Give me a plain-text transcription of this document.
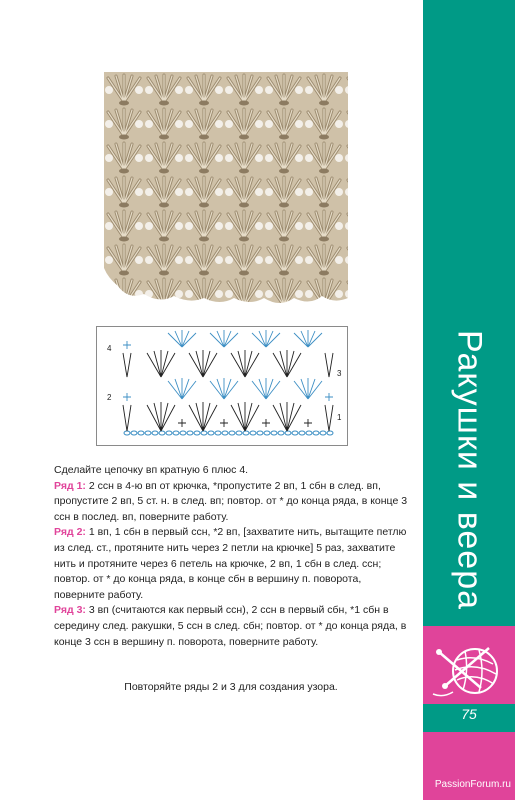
Ракушки и веера
75
PassionForum.ru
4
3
2
1

Сделайте цепочку вп кратную 6 плюс 4.

Ряд 1: 2 ссн в 4-ю вп от крючка, *пропустите 2 вп, 1 сбн в след. вп, пропустите 2 вп, 5 ст. н. в след. вп; повтор. от * до конца ряда, в конце 3 ссн в послед. вп, поверните работу.

Ряд 2: 1 вп, 1 сбн в первый ссн, *2 вп, [захватите нить, вытащите петлю из след. ст., протяните нить через 2 петли на крючке] 5 раз, захватите нить и протяните через 6 петель на крючке, 2 вп, 1 сбн в след. ссн; повтор. от * до конца ряда, в конце сбн в вершину п. поворота, поверните работу.

Ряд 3: 3 вп (считаются как первый ссн), 2 ссн в первый сбн, *1 сбн в середину след. ракушки, 5 ссн в след. сбн; повтор. от * до конца ряда, в конце 3 ссн в вершину п. поворота, поверните работу.

Повторяйте ряды 2 и 3 для создания узора.
